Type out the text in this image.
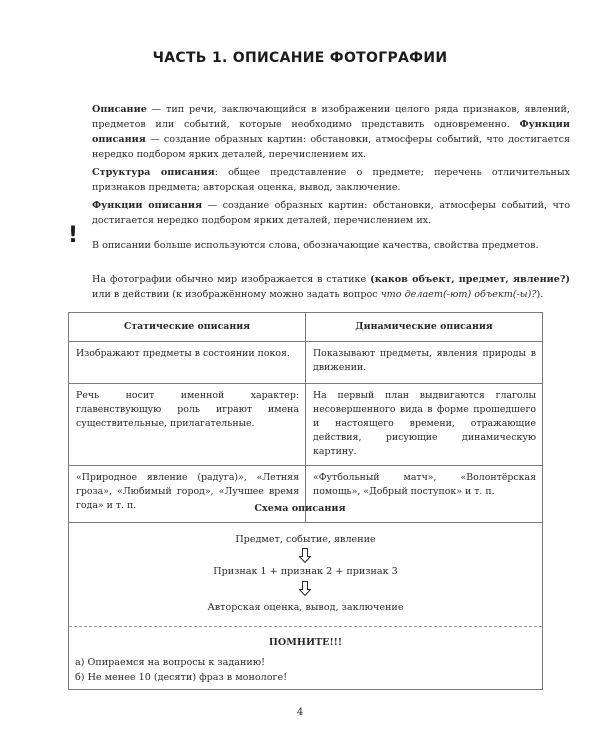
ЧАСТЬ 1. ОПИСАНИЕ ФОТОГРАФИИ

Описание — тип речи, заключающийся в изображении целого ряда признаков, явлений, предметов или событий, которые необходимо представить одновременно. Функции описания — создание образных картин: обстановки, атмосферы событий, что достигается нередко подбором ярких деталей, перечислением их.

Структура описания: общее представление о предмете; перечень отличительных признаков предмета; авторская оценка, вывод, заключение.

Функции описания — создание образных картин: обстановки, атмосферы событий, что достигается нередко подбором ярких деталей, перечислением их.

! В описании больше используются слова, обозначающие качества, свойства предметов.

На фотографии обычно мир изображается в статике (каков объект, предмет, явление?) или в действии (к изображённому можно задать вопрос что делает(-ют) объект(-ы)?).

Статические описания	Динамические описания
Изображают предметы в состоянии покоя.	Показывают предметы, явления природы в движении.
Речь носит именной характер: главенствующую роль играют имена существительные, прилагательные.	На первый план выдвигаются глаголы несовершенного вида в форме прошедшего и настоящего времени, отражающие действия, рисующие динамическую картину.
«Природное явление (радуга)», «Летняя гроза», «Любимый город», «Лучшее время года» и т. п.	«Футбольный матч», «Волонтёрская помощь», «Добрый поступок» и т. п.
Схема описания
Предмет, событие, явление
Признак 1 + признак 2 + признак 3
Авторская оценка, вывод, заключение
ПОМНИТЕ!!!
а) Опираемся на вопросы к заданию!
б) Не менее 10 (десяти) фраз в монологе!
4
